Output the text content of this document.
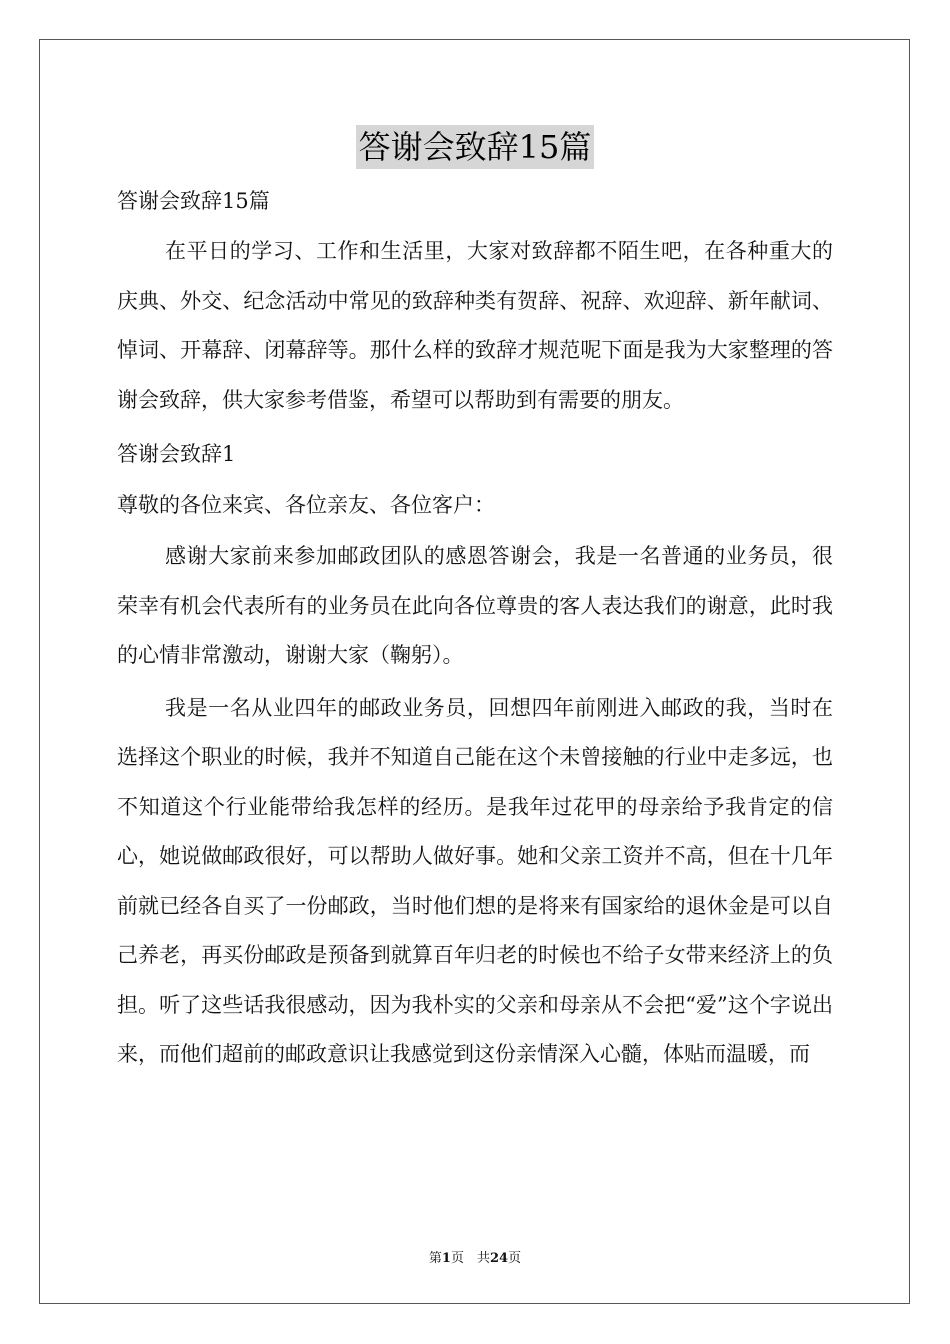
答谢会致辞15篇

答谢会致辞15篇

在平日的学习、工作和生活里，大家对致辞都不陌生吧，在各种重大的庆典、外交、纪念活动中常见的致辞种类有贺辞、祝辞、欢迎辞、新年献词、悼词、开幕辞、闭幕辞等。那什么样的致辞才规范呢下面是我为大家整理的答谢会致辞，供大家参考借鉴，希望可以帮助到有需要的朋友。

答谢会致辞1

尊敬的各位来宾、各位亲友、各位客户：

感谢大家前来参加邮政团队的感恩答谢会，我是一名普通的业务员，很荣幸有机会代表所有的业务员在此向各位尊贵的客人表达我们的谢意，此时我的心情非常激动，谢谢大家（鞠躬）。

我是一名从业四年的邮政业务员，回想四年前刚进入邮政的我，当时在选择这个职业的时候，我并不知道自己能在这个未曾接触的行业中走多远，也不知道这个行业能带给我怎样的经历。是我年过花甲的母亲给予我肯定的信心，她说做邮政很好，可以帮助人做好事。她和父亲工资并不高，但在十几年前就已经各自买了一份邮政，当时他们想的是将来有国家给的退休金是可以自己养老，再买份邮政是预备到就算百年归老的时候也不给子女带来经济上的负担。听了这些话我很感动，因为我朴实的父亲和母亲从不会把“爱”这个字说出来，而他们超前的邮政意识让我感觉到这份亲情深入心髓，体贴而温暖，而

第1页　共24页
